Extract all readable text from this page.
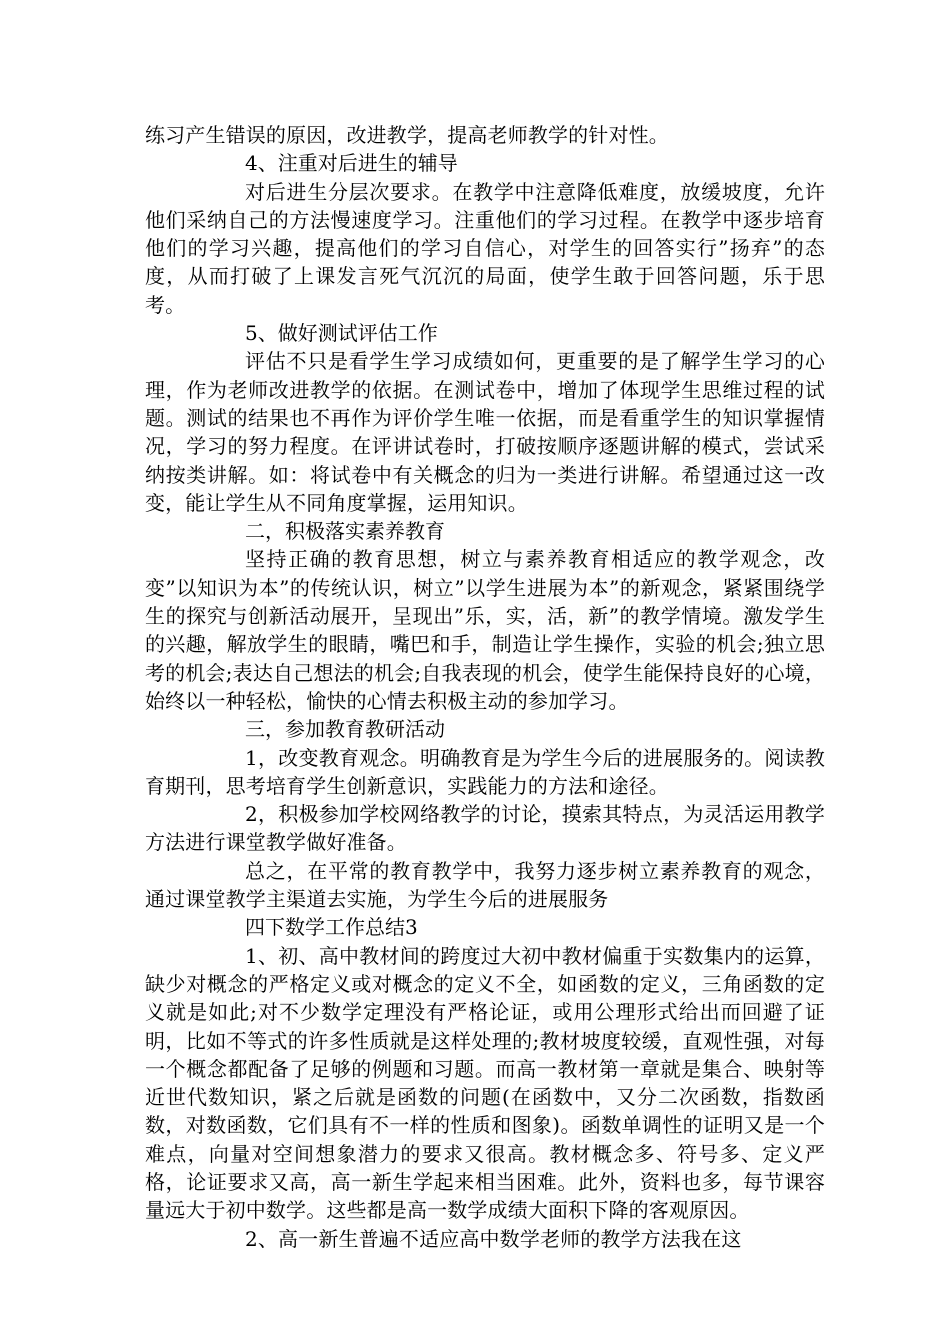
练习产生错误的原因，改进教学，提高老师教学的针对性。

4、注重对后进生的辅导

对后进生分层次要求。在教学中注意降低难度，放缓坡度，允许他们采纳自己的方法慢速度学习。注重他们的学习过程。在教学中逐步培育他们的学习兴趣，提高他们的学习自信心，对学生的回答实行”扬弃”的态度，从而打破了上课发言死气沉沉的局面，使学生敢于回答问题，乐于思考。

5、做好测试评估工作

评估不只是看学生学习成绩如何，更重要的是了解学生学习的心理，作为老师改进教学的依据。在测试卷中，增加了体现学生思维过程的试题。测试的结果也不再作为评价学生唯一依据，而是看重学生的知识掌握情况，学习的努力程度。在评讲试卷时，打破按顺序逐题讲解的模式，尝试采纳按类讲解。如：将试卷中有关概念的归为一类进行讲解。希望通过这一改变，能让学生从不同角度掌握，运用知识。

二，积极落实素养教育

坚持正确的教育思想，树立与素养教育相适应的教学观念，改变”以知识为本”的传统认识，树立”以学生进展为本”的新观念，紧紧围绕学生的探究与创新活动展开，呈现出”乐，实，活，新”的教学情境。激发学生的兴趣，解放学生的眼睛，嘴巴和手，制造让学生操作，实验的机会;独立思考的机会;表达自己想法的机会;自我表现的机会，使学生能保持良好的心境，始终以一种轻松，愉快的心情去积极主动的参加学习。

三，参加教育教研活动

1，改变教育观念。明确教育是为学生今后的进展服务的。阅读教育期刊，思考培育学生创新意识，实践能力的方法和途径。

2，积极参加学校网络教学的讨论，摸索其特点，为灵活运用教学方法进行课堂教学做好准备。

总之，在平常的教育教学中，我努力逐步树立素养教育的观念，通过课堂教学主渠道去实施，为学生今后的进展服务

四下数学工作总结3

1、初、高中教材间的跨度过大初中教材偏重于实数集内的运算，缺少对概念的严格定义或对概念的定义不全，如函数的定义，三角函数的定义就是如此;对不少数学定理没有严格论证，或用公理形式给出而回避了证明，比如不等式的许多性质就是这样处理的;教材坡度较缓，直观性强，对每一个概念都配备了足够的例题和习题。而高一教材第一章就是集合、映射等近世代数知识，紧之后就是函数的问题(在函数中，又分二次函数，指数函数，对数函数，它们具有不一样的性质和图象)。函数单调性的证明又是一个难点，向量对空间想象潜力的要求又很高。教材概念多、符号多、定义严格，论证要求又高，高一新生学起来相当困难。此外，资料也多，每节课容量远大于初中数学。这些都是高一数学成绩大面积下降的客观原因。

2、高一新生普遍不适应高中数学老师的教学方法我在这
